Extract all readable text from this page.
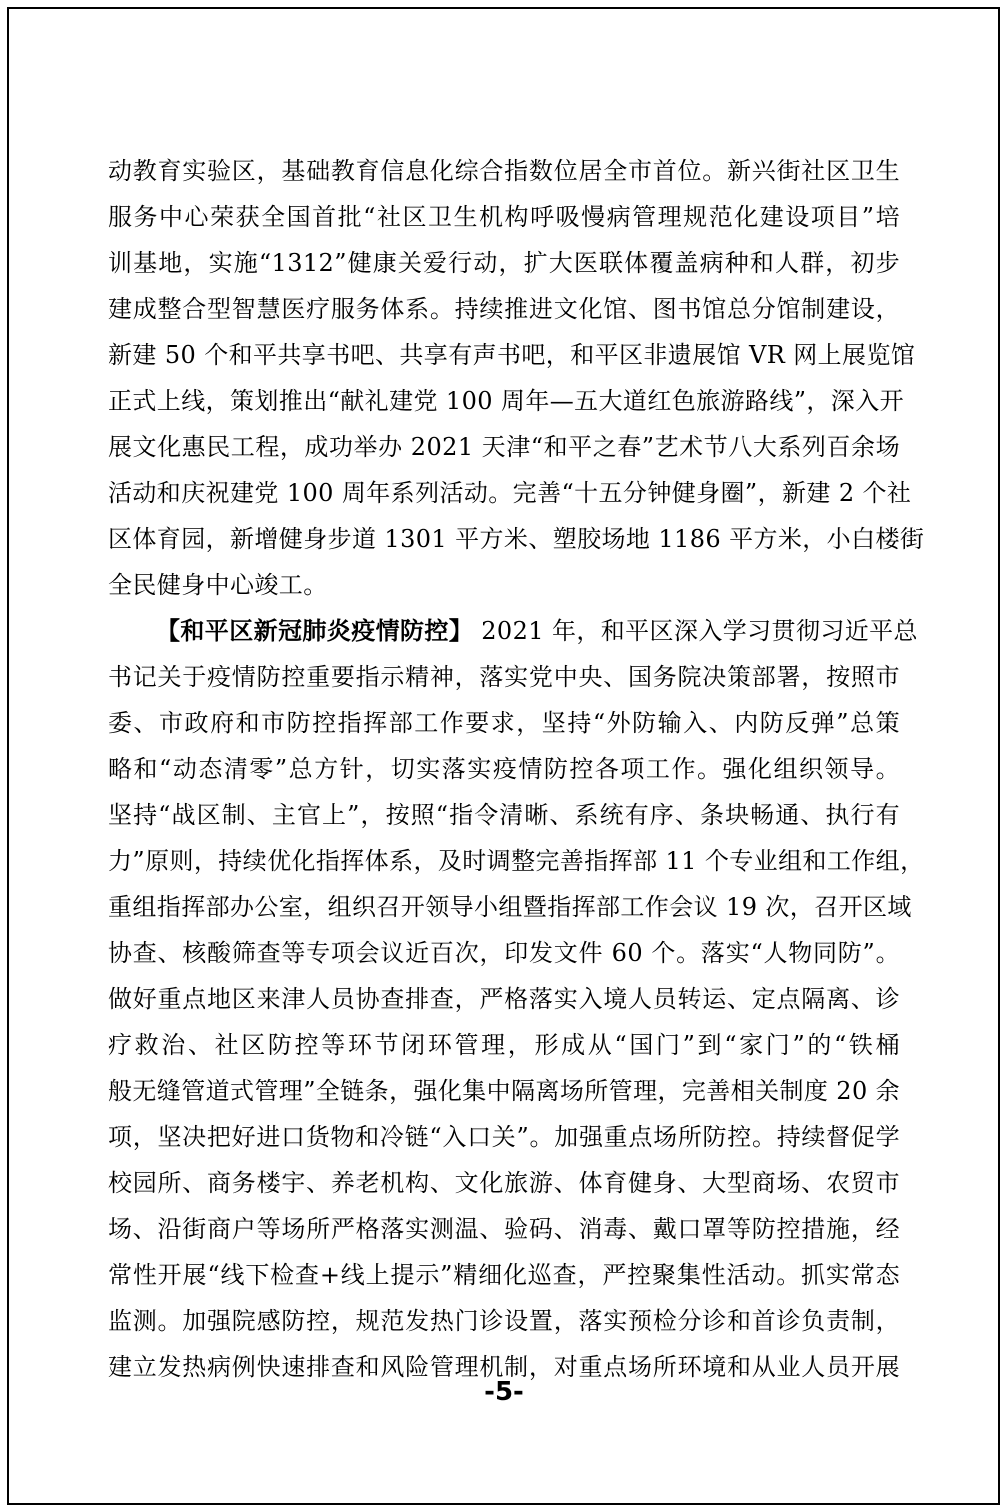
动教育实验区，基础教育信息化综合指数位居全市首位。新兴街社区卫生
服务中心荣获全国首批“社区卫生机构呼吸慢病管理规范化建设项目”培
训基地，实施“1312”健康关爱行动，扩大医联体覆盖病种和人群，初步
建成整合型智慧医疗服务体系。持续推进文化馆、图书馆总分馆制建设，
新建 50 个和平共享书吧、共享有声书吧，和平区非遗展馆 VR 网上展览馆
正式上线，策划推出“献礼建党 100 周年—五大道红色旅游路线”，深入开
展文化惠民工程，成功举办 2021 天津“和平之春”艺术节八大系列百余场
活动和庆祝建党 100 周年系列活动。完善“十五分钟健身圈”，新建 2 个社
区体育园，新增健身步道 1301 平方米、塑胶场地 1186 平方米，小白楼街
全民健身中心竣工。
【和平区新冠肺炎疫情防控】 2021 年，和平区深入学习贯彻习近平总
书记关于疫情防控重要指示精神，落实党中央、国务院决策部署，按照市
委、市政府和市防控指挥部工作要求，坚持“外防输入、内防反弹”总策
略和“动态清零”总方针，切实落实疫情防控各项工作。强化组织领导。
坚持“战区制、主官上”，按照“指令清晰、系统有序、条块畅通、执行有
力”原则，持续优化指挥体系，及时调整完善指挥部 11 个专业组和工作组，
重组指挥部办公室，组织召开领导小组暨指挥部工作会议 19 次，召开区域
协查、核酸筛查等专项会议近百次，印发文件 60 个。落实“人物同防”。
做好重点地区来津人员协查排查，严格落实入境人员转运、定点隔离、诊
疗救治、社区防控等环节闭环管理，形成从“国门”到“家门”的“铁桶
般无缝管道式管理”全链条，强化集中隔离场所管理，完善相关制度 20 余
项，坚决把好进口货物和冷链“入口关”。加强重点场所防控。持续督促学
校园所、商务楼宇、养老机构、文化旅游、体育健身、大型商场、农贸市
场、沿街商户等场所严格落实测温、验码、消毒、戴口罩等防控措施，经
常性开展“线下检查+线上提示”精细化巡查，严控聚集性活动。抓实常态
监测。加强院感防控，规范发热门诊设置，落实预检分诊和首诊负责制，
建立发热病例快速排查和风险管理机制，对重点场所环境和从业人员开展
-5-
